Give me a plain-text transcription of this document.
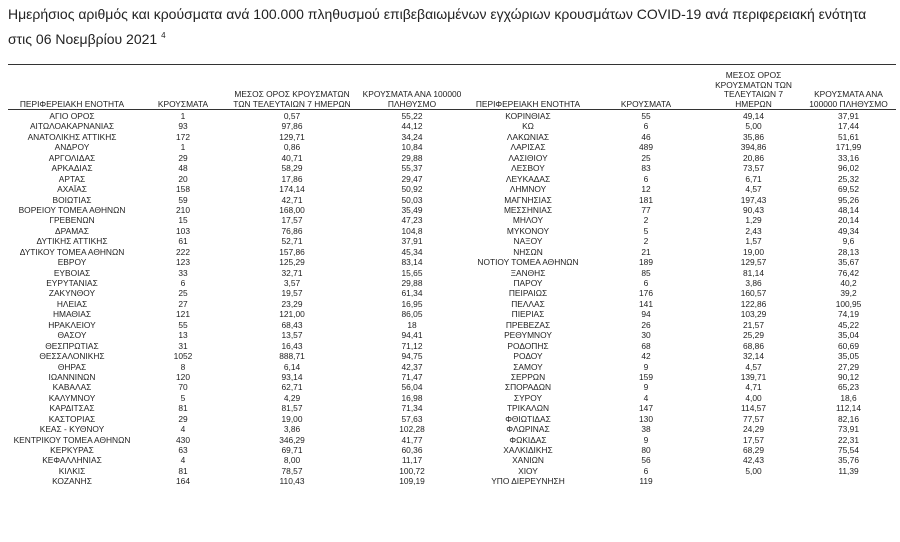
Ημερήσιος αριθμός και κρούσματα ανά 100.000 πληθυσμού επιβεβαιωμένων εγχώριων κρουσμάτων COVID-19 ανά περιφερειακή ενότητα στις 06 Νοεμβρίου 2021 $^4$
ΠΕΡΙΦΕΡΕΙΑΚΗ ΕΝΟΤΗΤΑ	ΚΡΟΥΣΜΑΤΑ
ΜΕΣΟΣ ΟΡΟΣ ΚΡΟΥΣΜΑΤΩΝ ΤΩΝ ΤΕΛΕΥΤΑΙΩΝ 7 ΗΜΕΡΩΝ
ΚΡΟΥΣΜΑΤΑ ΑΝΑ 100000 ΠΛΗΘΥΣΜΟ	ΠΕΡΙΦΕΡΕΙΑΚΗ ΕΝΟΤΗΤΑ	ΚΡΟΥΣΜΑΤΑ
ΜΕΣΟΣ ΟΡΟΣ ΚΡΟΥΣΜΑΤΩΝ ΤΩΝ ΤΕΛΕΥΤΑΙΩΝ 7 ΗΜΕΡΩΝ
ΚΡΟΥΣΜΑΤΑ ΑΝΑ 100000 ΠΛΗΘΥΣΜΟ
ΑΓΙΟ ΟΡΟΣ	1	0,57	55,22	ΚΟΡΙΝΘΙΑΣ	55	49,14	37,91
ΑΙΤΩΛΟΑΚΑΡΝΑΝΙΑΣ	93	97,86	44,12	ΚΩ	6	5,00	17,44
ΑΝΑΤΟΛΙΚΗΣ ΑΤΤΙΚΗΣ	172	129,71	34,24	ΛΑΚΩΝΙΑΣ	46	35,86	51,61
ΑΝΔΡΟΥ	1	0,86	10,84	ΛΑΡΙΣΑΣ	489	394,86	171,99
ΑΡΓΟΛΙΔΑΣ	29	40,71	29,88	ΛΑΣΙΘΙΟΥ	25	20,86	33,16
ΑΡΚΑΔΙΑΣ	48	58,29	55,37	ΛΕΣΒΟΥ	83	73,57	96,02
ΑΡΤΑΣ	20	17,86	29,47	ΛΕΥΚΑΔΑΣ	6	6,71	25,32
ΑΧΑΪΑΣ	158	174,14	50,92	ΛΗΜΝΟΥ	12	4,57	69,52
ΒΟΙΩΤΙΑΣ	59	42,71	50,03	ΜΑΓΝΗΣΙΑΣ	181	197,43	95,26
ΒΟΡΕΙΟΥ ΤΟΜΕΑ ΑΘΗΝΩΝ	210	168,00	35,49	ΜΕΣΣΗΝΙΑΣ	77	90,43	48,14
ΓΡΕΒΕΝΩΝ	15	17,57	47,23	ΜΗΛΟΥ	2	1,29	20,14
ΔΡΑΜΑΣ	103	76,86	104,8	ΜΥΚΟΝΟΥ	5	2,43	49,34
ΔΥΤΙΚΗΣ ΑΤΤΙΚΗΣ	61	52,71	37,91	ΝΑΞΟΥ	2	1,57	9,6
ΔΥΤΙΚΟΥ ΤΟΜΕΑ ΑΘΗΝΩΝ	222	157,86	45,34	ΝΗΣΩΝ	21	19,00	28,13
ΕΒΡΟΥ	123	125,29	83,14	ΝΟΤΙΟΥ ΤΟΜΕΑ ΑΘΗΝΩΝ	189	129,57	35,67
ΕΥΒΟΙΑΣ	33	32,71	15,65	ΞΑΝΘΗΣ	85	81,14	76,42
ΕΥΡΥΤΑΝΙΑΣ	6	3,57	29,88	ΠΑΡΟΥ	6	3,86	40,2
ΖΑΚΥΝΘΟΥ	25	19,57	61,34	ΠΕΙΡΑΙΩΣ	176	160,57	39,2
ΗΛΕΙΑΣ	27	23,29	16,95	ΠΕΛΛΑΣ	141	122,86	100,95
ΗΜΑΘΙΑΣ	121	121,00	86,05	ΠΙΕΡΙΑΣ	94	103,29	74,19
ΗΡΑΚΛΕΙΟΥ	55	68,43	18	ΠΡΕΒΕΖΑΣ	26	21,57	45,22
ΘΑΣΟΥ	13	13,57	94,41	ΡΕΘΥΜΝΟΥ	30	25,29	35,04
ΘΕΣΠΡΩΤΙΑΣ	31	16,43	71,12	ΡΟΔΟΠΗΣ	68	68,86	60,69
ΘΕΣΣΑΛΟΝΙΚΗΣ	1052	888,71	94,75	ΡΟΔΟΥ	42	32,14	35,05
ΘΗΡΑΣ	8	6,14	42,37	ΣΑΜΟΥ	9	4,57	27,29
ΙΩΑΝΝΙΝΩΝ	120	93,14	71,47	ΣΕΡΡΩΝ	159	139,71	90,12
ΚΑΒΑΛΑΣ	70	62,71	56,04	ΣΠΟΡΑΔΩΝ	9	4,71	65,23
ΚΑΛΥΜΝΟΥ	5	4,29	16,98	ΣΥΡΟΥ	4	4,00	18,6
ΚΑΡΔΙΤΣΑΣ	81	81,57	71,34	ΤΡΙΚΑΛΩΝ	147	114,57	112,14
ΚΑΣΤΟΡΙΑΣ	29	19,00	57,63	ΦΘΙΩΤΙΔΑΣ	130	77,57	82,16
ΚΕΑΣ - ΚΥΘΝΟΥ	4	3,86	102,28	ΦΛΩΡΙΝΑΣ	38	24,29	73,91
ΚΕΝΤΡΙΚΟΥ ΤΟΜΕΑ ΑΘΗΝΩΝ	430	346,29	41,77	ΦΩΚΙΔΑΣ	9	17,57	22,31
ΚΕΡΚΥΡΑΣ	63	69,71	60,36	ΧΑΛΚΙΔΙΚΗΣ	80	68,29	75,54
ΚΕΦΑΛΛΗΝΙΑΣ	4	8,00	11,17	ΧΑΝΙΩΝ	56	42,43	35,76
ΚΙΛΚΙΣ	81	78,57	100,72	ΧΙΟΥ	6	5,00	11,39
ΚΟΖΑΝΗΣ	164	110,43	109,19	ΥΠΟ ΔΙΕΡΕΥΝΗΣΗ	119
